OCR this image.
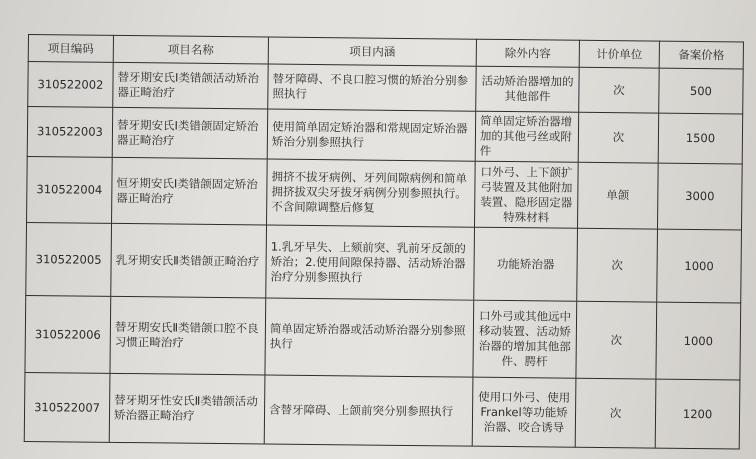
项目编码	项目名称	项目内涵	除外内容	计价单位	备案价格
310522002	替牙期安氏Ⅰ类错颌活动矫治器正畸治疗	替牙障碍、不良口腔习惯的矫治分别参照执行	活动矫治器增加的其他部件	次	500
310522003	替牙期安氏Ⅰ类错颌固定矫治器正畸治疗	使用简单固定矫治器和常规固定矫治器矫治分别参照执行	简单固定矫治器增加的其他弓丝或附件	次	1500
310522004	恒牙期安氏Ⅰ类错颌固定矫治器正畸治疗	拥挤不拔牙病例、牙列间隙病例和简单拥挤拔双尖牙拔牙病例分别参照执行。不含间隙调整后修复	口外弓、上下颌扩弓装置及其他附加装置、隐形固定器特殊材料	单颌	3000
310522005	乳牙期安氏Ⅱ类错颌正畸治疗	1.乳牙早失、上颏前突、乳前牙反颌的矫治；2.使用间隙保持器、活动矫治器治疗分别参照执行	功能矫治器	次	1000
310522006	替牙期安氏Ⅱ类错颌口腔不良习惯正畸治疗	简单固定矫治器或活动矫治器分别参照执行	口外弓或其他远中移动装置、活动矫治器的增加其他部件、腭杆	次	1000
310522007	替牙期牙性安氏Ⅱ类错颌活动矫治器正畸治疗	含替牙障碍、上颌前突分别参照执行	使用口外弓、使用Frankel等功能矫治器、咬合诱导	次	1200
